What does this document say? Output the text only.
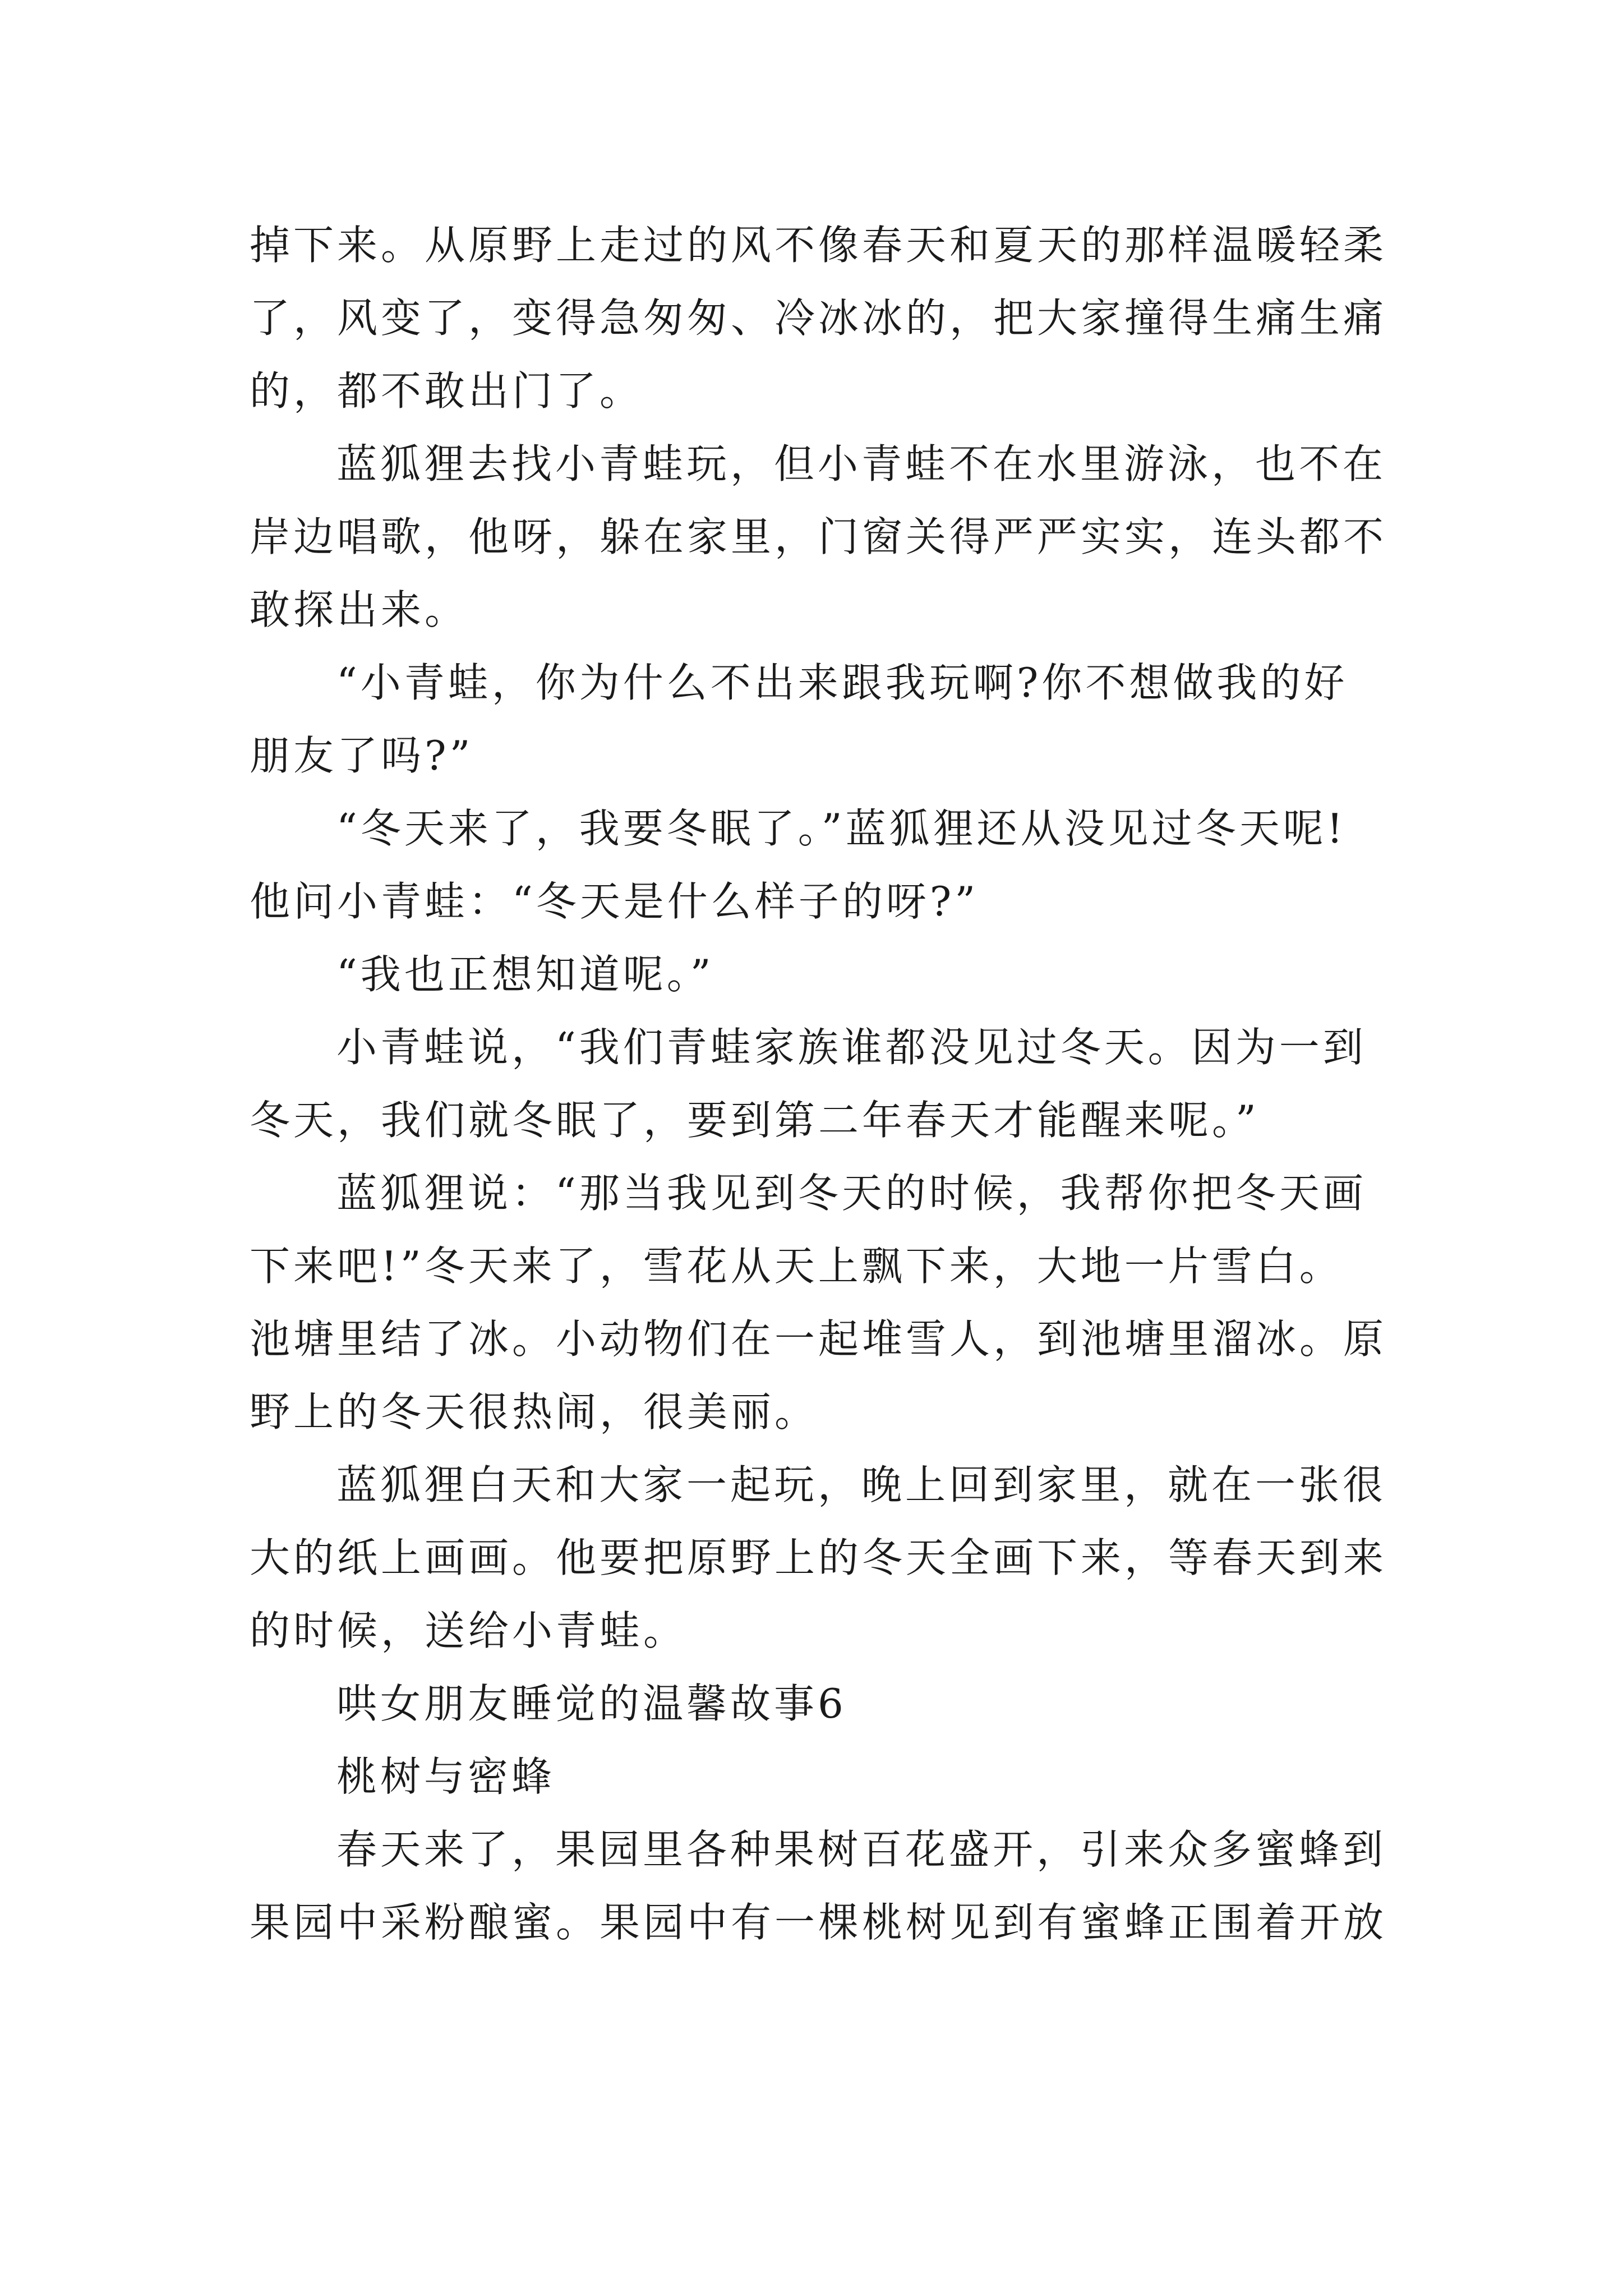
掉下来。从原野上走过的风不像春天和夏天的那样温暖轻柔
了，风变了，变得急匆匆、冷冰冰的，把大家撞得生痛生痛
的，都不敢出门了。
蓝狐狸去找小青蛙玩，但小青蛙不在水里游泳，也不在
岸边唱歌，他呀，躲在家里，门窗关得严严实实，连头都不
敢探出来。
“小青蛙，你为什么不出来跟我玩啊?你不想做我的好
朋友了吗?”
“冬天来了，我要冬眠了。”蓝狐狸还从没见过冬天呢!
他问小青蛙：“冬天是什么样子的呀?”
“我也正想知道呢。”
小青蛙说，“我们青蛙家族谁都没见过冬天。因为一到
冬天，我们就冬眠了，要到第二年春天才能醒来呢。”
蓝狐狸说：“那当我见到冬天的时候，我帮你把冬天画
下来吧!”冬天来了，雪花从天上飘下来，大地一片雪白。
池塘里结了冰。小动物们在一起堆雪人，到池塘里溜冰。原
野上的冬天很热闹，很美丽。
蓝狐狸白天和大家一起玩，晚上回到家里，就在一张很
大的纸上画画。他要把原野上的冬天全画下来，等春天到来
的时候，送给小青蛙。
哄女朋友睡觉的温馨故事6
桃树与密蜂
春天来了，果园里各种果树百花盛开，引来众多蜜蜂到
果园中采粉酿蜜。果园中有一棵桃树见到有蜜蜂正围着开放
